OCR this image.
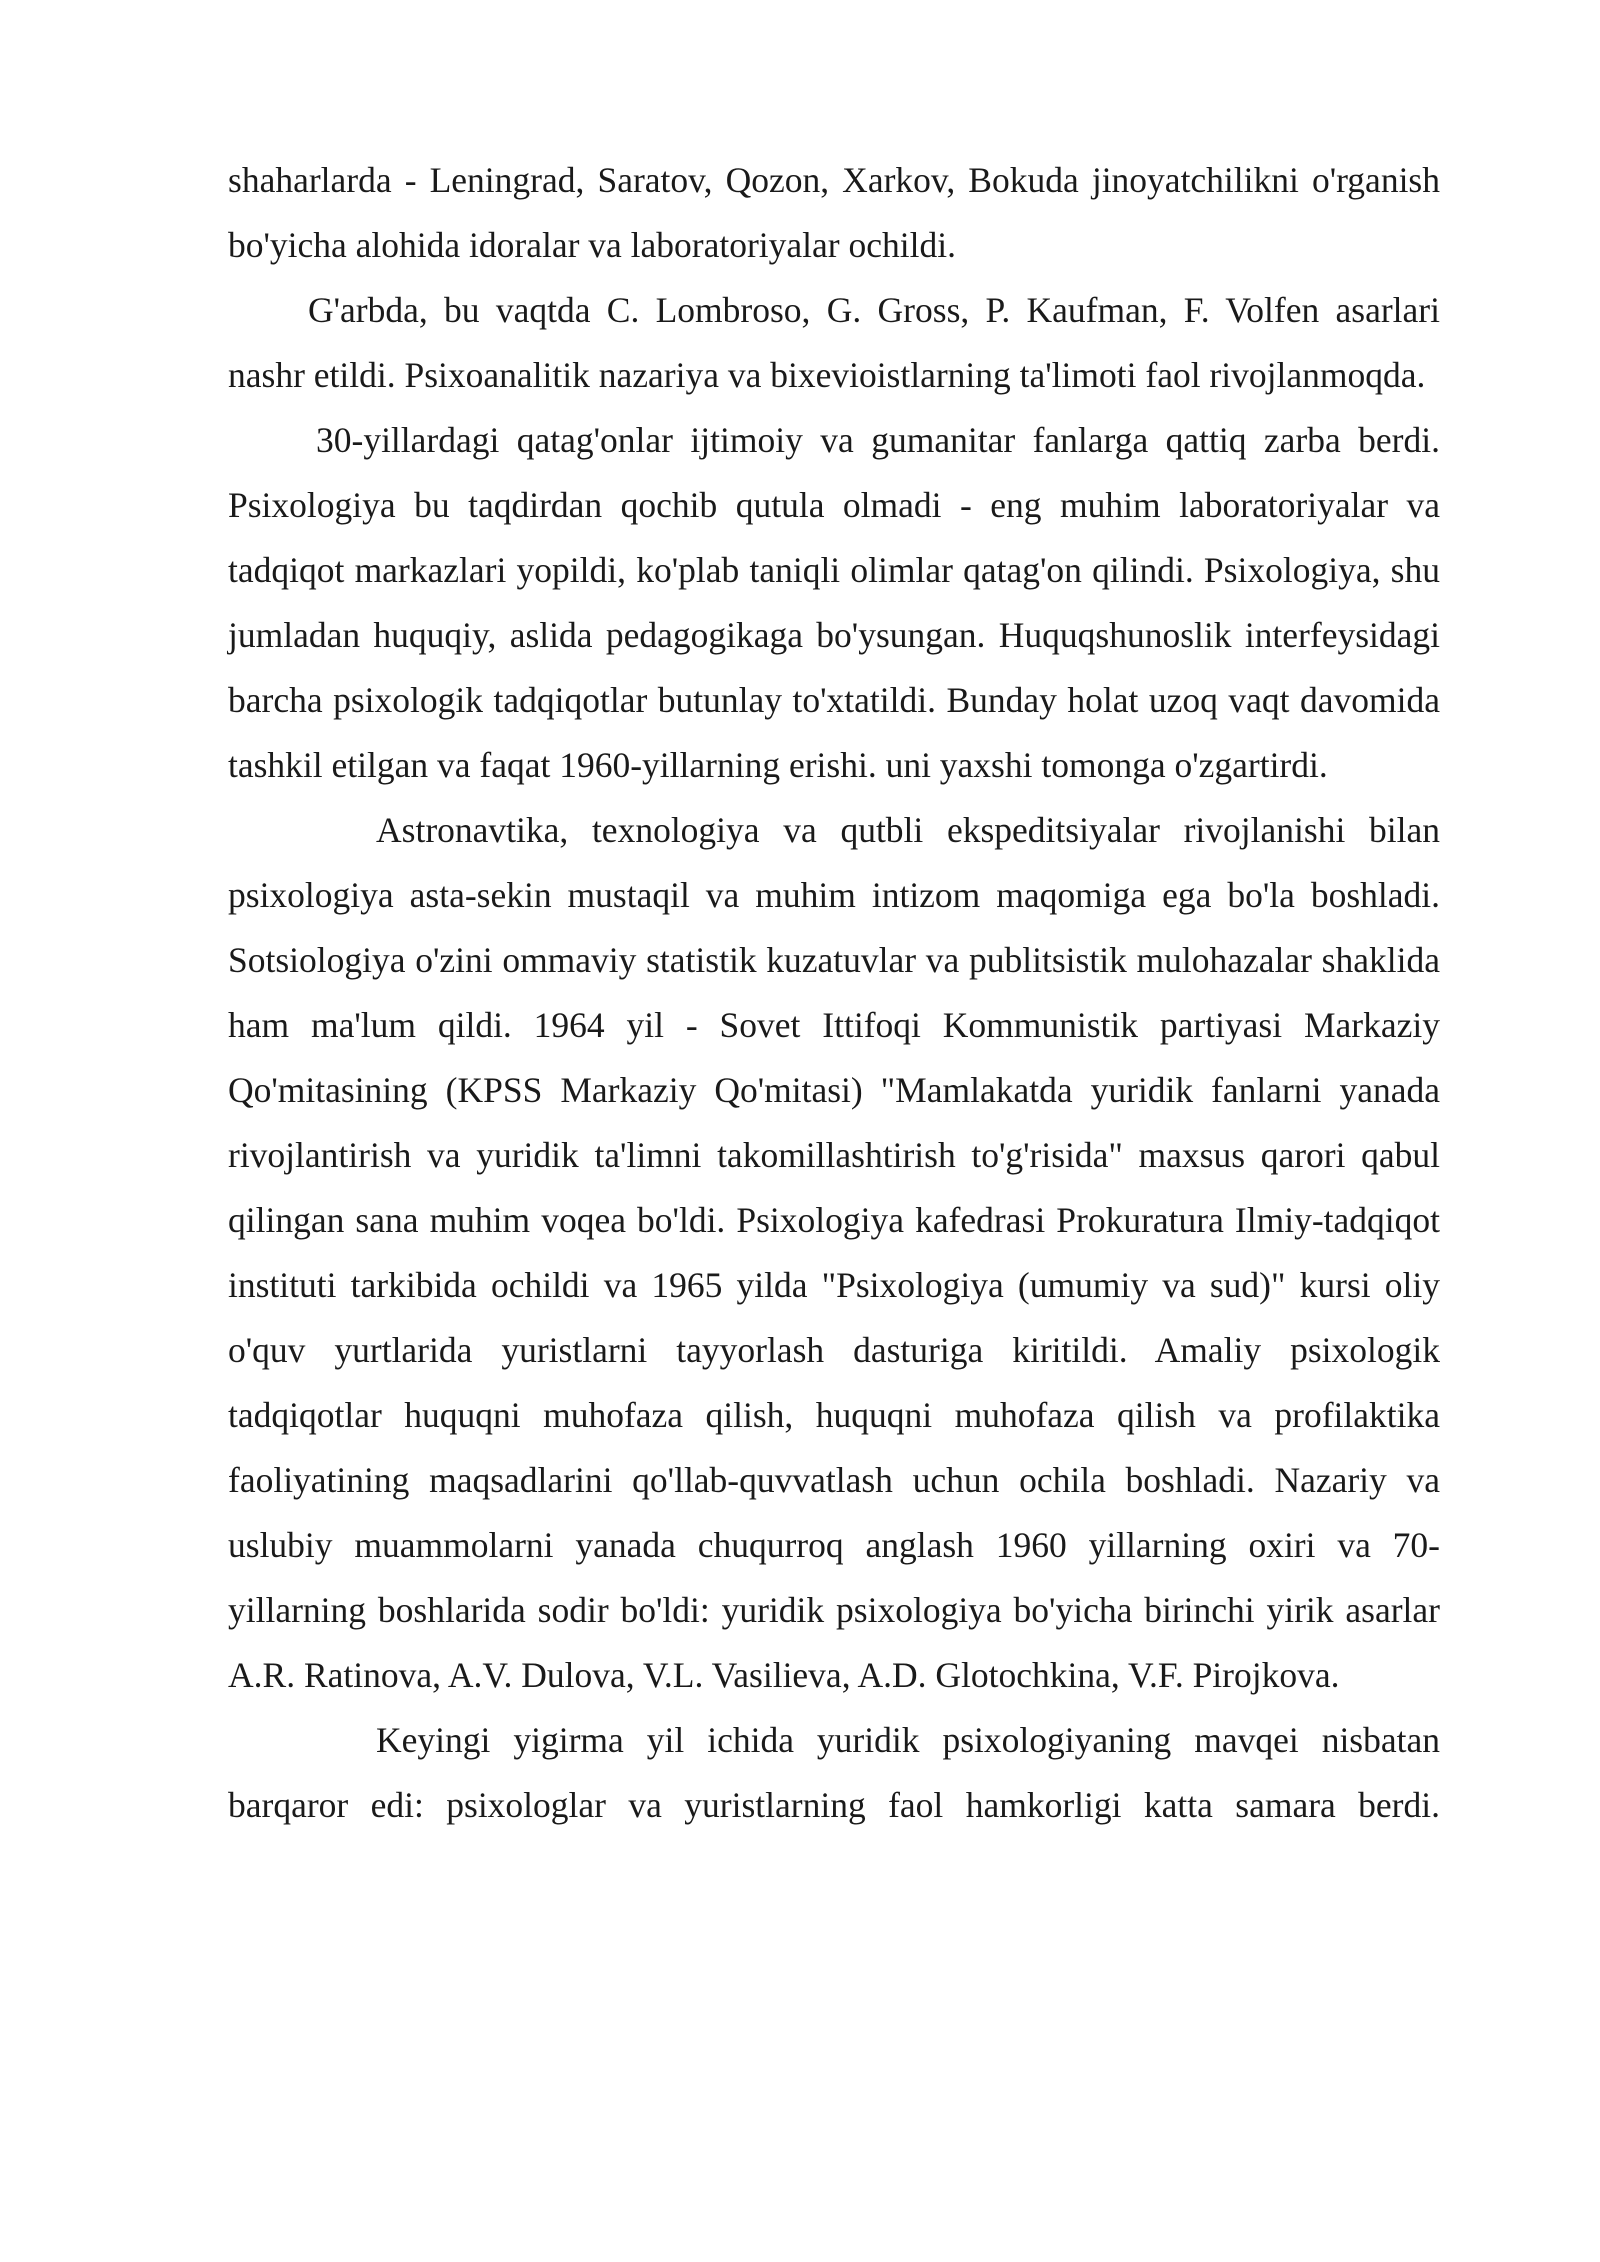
shaharlarda - Leningrad, Saratov, Qozon, Xarkov, Bokuda jinoyatchilikni o'rganish bo'yicha alohida idoralar va laboratoriyalar ochildi.

G'arbda, bu vaqtda C. Lombroso, G. Gross, P. Kaufman, F. Volfen asarlari nashr etildi. Psixoanalitik nazariya va bixevioistlarning ta'limoti faol rivojlanmoqda.

30-yillardagi qatag'onlar ijtimoiy va gumanitar fanlarga qattiq zarba berdi. Psixologiya bu taqdirdan qochib qutula olmadi - eng muhim laboratoriyalar va tadqiqot markazlari yopildi, ko'plab taniqli olimlar qatag'on qilindi. Psixologiya, shu jumladan huquqiy, aslida pedagogikaga bo'ysungan. Huquqshunoslik interfeysidagi barcha psixologik tadqiqotlar butunlay to'xtatildi. Bunday holat uzoq vaqt davomida tashkil etilgan va faqat 1960-yillarning erishi. uni yaxshi tomonga o'zgartirdi.

Astronavtika, texnologiya va qutbli ekspeditsiyalar rivojlanishi bilan psixologiya asta-sekin mustaqil va muhim intizom maqomiga ega bo'la boshladi. Sotsiologiya o'zini ommaviy statistik kuzatuvlar va publitsistik mulohazalar shaklida ham ma'lum qildi. 1964 yil - Sovet Ittifoqi Kommunistik partiyasi Markaziy Qo'mitasining (KPSS Markaziy Qo'mitasi) "Mamlakatda yuridik fanlarni yanada rivojlantirish va yuridik ta'limni takomillashtirish to'g'risida" maxsus qarori qabul qilingan sana muhim voqea bo'ldi. Psixologiya kafedrasi Prokuratura Ilmiy-tadqiqot instituti tarkibida ochildi va 1965 yilda "Psixologiya (umumiy va sud)" kursi oliy o'quv yurtlarida yuristlarni tayyorlash dasturiga kiritildi. Amaliy psixologik tadqiqotlar huquqni muhofaza qilish, huquqni muhofaza qilish va profilaktika faoliyatining maqsadlarini qo'llab-quvvatlash uchun ochila boshladi. Nazariy va uslubiy muammolarni yanada chuqurroq anglash 1960 yillarning oxiri va 70-yillarning boshlarida sodir bo'ldi: yuridik psixologiya bo'yicha birinchi yirik asarlar A.R. Ratinova, A.V. Dulova, V.L. Vasilieva, A.D. Glotochkina, V.F. Pirojkova.

Keyingi yigirma yil ichida yuridik psixologiyaning mavqei nisbatan barqaror edi: psixologlar va yuristlarning faol hamkorligi katta samara berdi.
